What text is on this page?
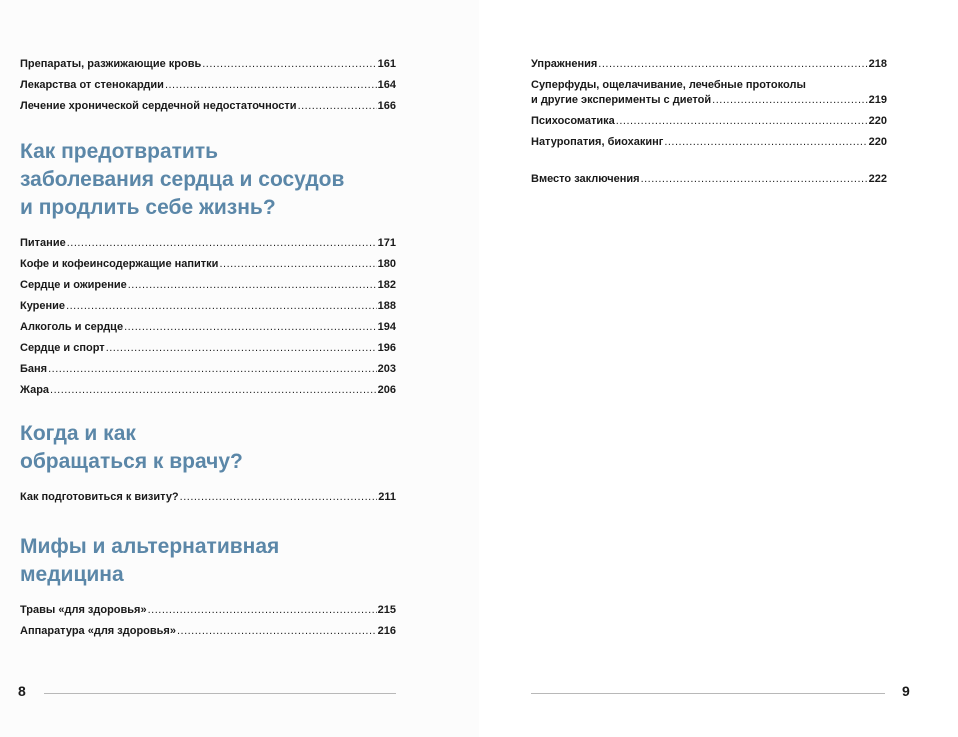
Препараты, разжижающие кровь .....	161
Лекарства от стенокардии .....	164
Лечение хронической сердечной недостаточности .....	166
Как предотвратить
заболевания сердца и сосудов
и продлить себе жизнь?
Питание .....	171
Кофе и кофеинсодержащие напитки .....	180
Сердце и ожирение .....	182
Курение .....	188
Алкоголь и сердце .....	194
Сердце и спорт .....	196
Баня .....	203
Жара .....	206
Когда и как
обращаться к врачу?
Как подготовиться к визиту? .....	211
Мифы и альтернативная
медицина
Травы «для здоровья» .....	215
Аппаратура «для здоровья» .....	216
8
Упражнения .....	218
Суперфуды, ощелачивание, лечебные протоколы
и другие эксперименты с диетой .....	219
Психосоматика .....	220
Натуропатия, биохакинг .....	220
Вместо заключения .....	222
9
